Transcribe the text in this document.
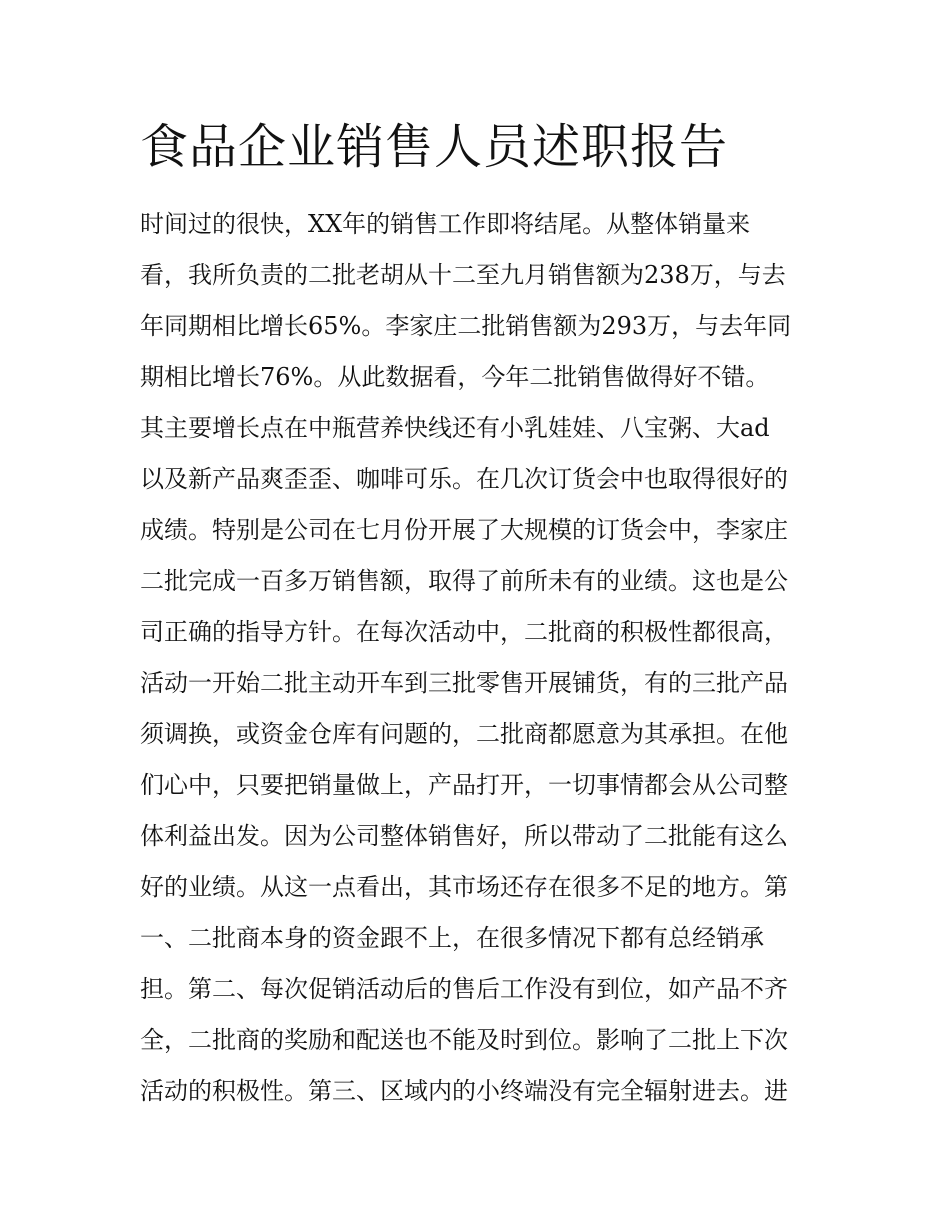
食品企业销售人员述职报告
时间过的很快，XX年的销售工作即将结尾。从整体销量来
看，我所负责的二批老胡从十二至九月销售额为238万，与去
年同期相比增长65%。李家庄二批销售额为293万，与去年同
期相比增长76%。从此数据看，今年二批销售做得好不错。
其主要增长点在中瓶营养快线还有小乳娃娃、八宝粥、大ad
以及新产品爽歪歪、咖啡可乐。在几次订货会中也取得很好的
成绩。特别是公司在七月份开展了大规模的订货会中，李家庄
二批完成一百多万销售额，取得了前所未有的业绩。这也是公
司正确的指导方针。在每次活动中，二批商的积极性都很高，
活动一开始二批主动开车到三批零售开展铺货，有的三批产品
须调换，或资金仓库有问题的，二批商都愿意为其承担。在他
们心中，只要把销量做上，产品打开，一切事情都会从公司整
体利益出发。因为公司整体销售好，所以带动了二批能有这么
好的业绩。从这一点看出，其市场还存在很多不足的地方。第
一、二批商本身的资金跟不上，在很多情况下都有总经销承
担。第二、每次促销活动后的售后工作没有到位，如产品不齐
全，二批商的奖励和配送也不能及时到位。影响了二批上下次
活动的积极性。第三、区域内的小终端没有完全辐射进去。进
